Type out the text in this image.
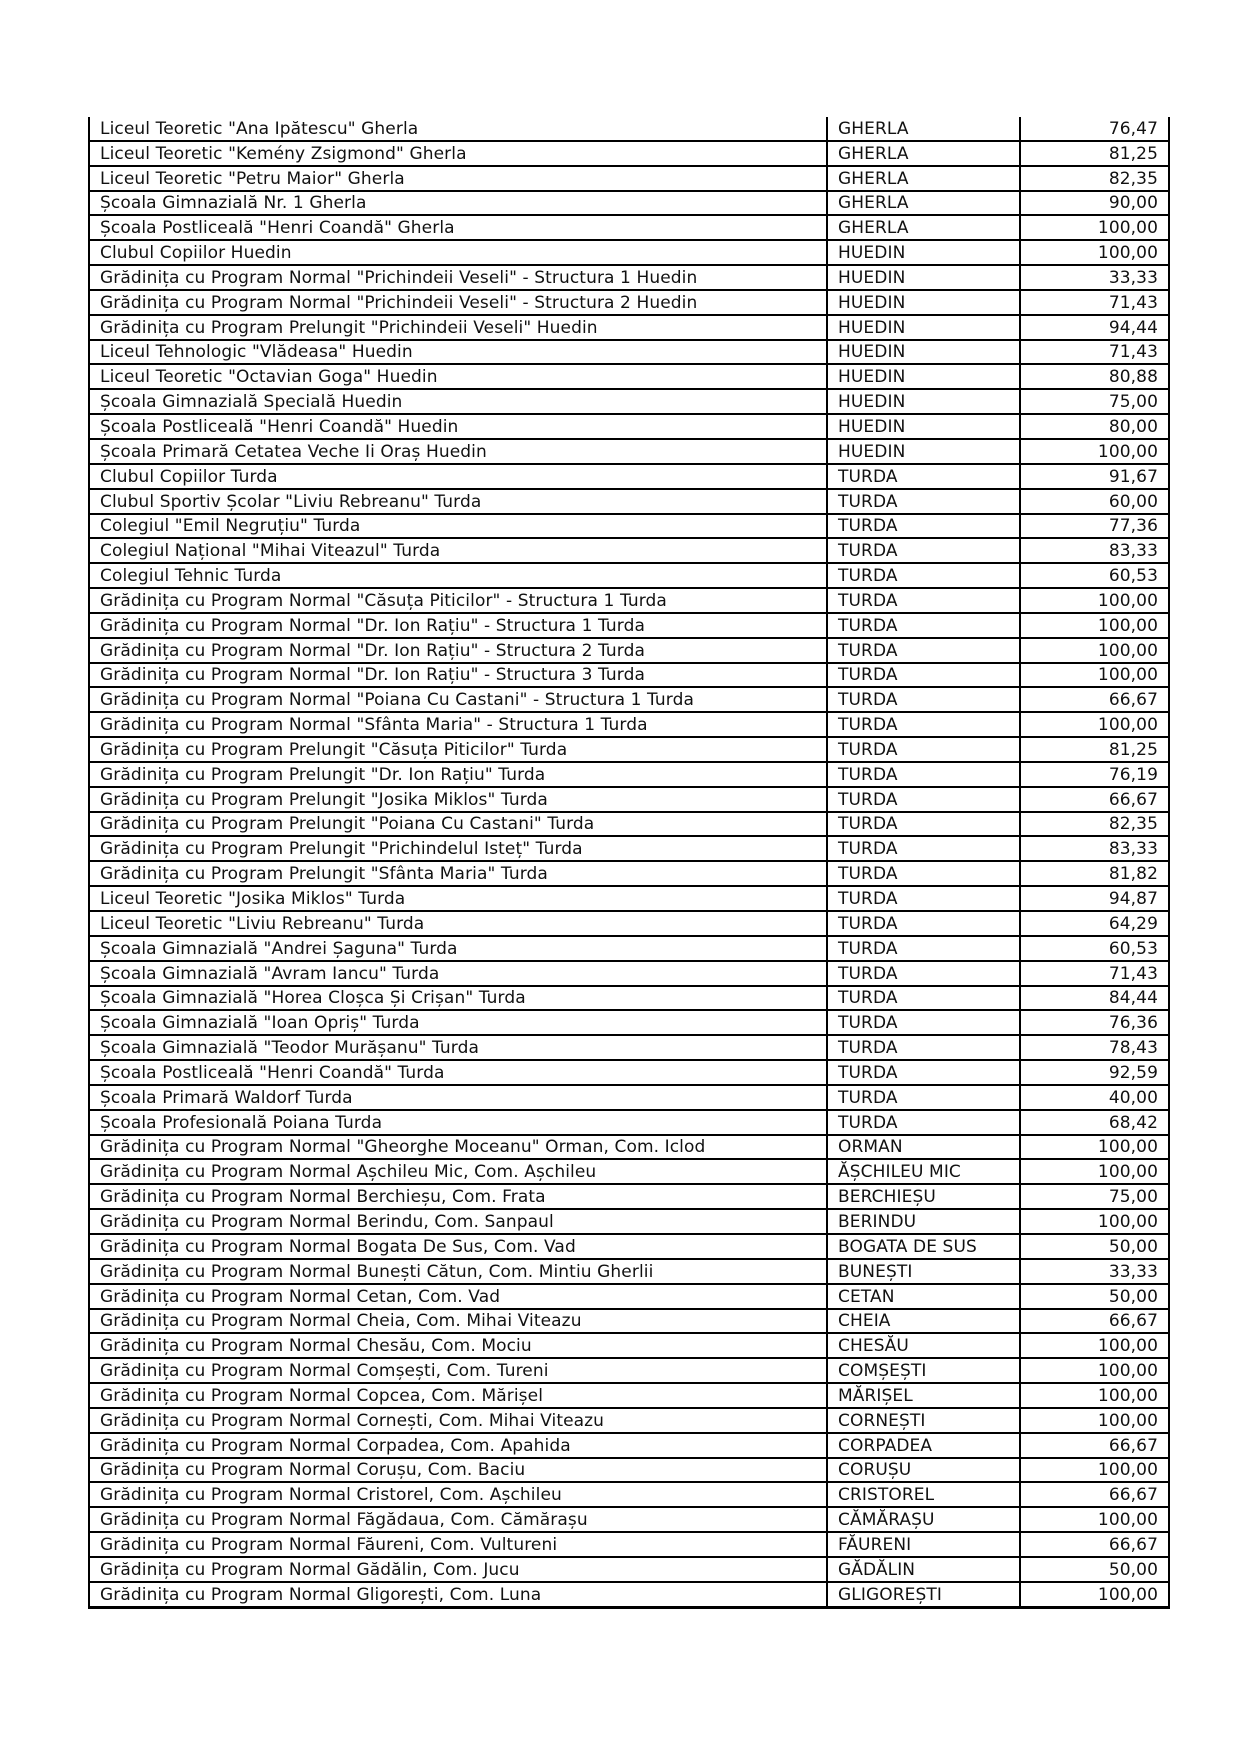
Liceul Teoretic "Ana Ipătescu" Gherla	GHERLA	76,47
Liceul Teoretic "Kemény Zsigmond" Gherla	GHERLA	81,25
Liceul Teoretic "Petru Maior" Gherla	GHERLA	82,35
Școala Gimnazială Nr. 1 Gherla	GHERLA	90,00
Școala Postliceală "Henri Coandă" Gherla	GHERLA	100,00
Clubul Copiilor Huedin	HUEDIN	100,00
Grădinița cu Program Normal "Prichindeii Veseli" - Structura 1 Huedin	HUEDIN	33,33
Grădinița cu Program Normal "Prichindeii Veseli" - Structura 2 Huedin	HUEDIN	71,43
Grădinița cu Program Prelungit "Prichindeii Veseli" Huedin	HUEDIN	94,44
Liceul Tehnologic "Vlădeasa" Huedin	HUEDIN	71,43
Liceul Teoretic "Octavian Goga" Huedin	HUEDIN	80,88
Școala Gimnazială Specială Huedin	HUEDIN	75,00
Școala Postliceală "Henri Coandă" Huedin	HUEDIN	80,00
Școala Primară Cetatea Veche Ii Oraș Huedin	HUEDIN	100,00
Clubul Copiilor Turda	TURDA	91,67
Clubul Sportiv Școlar "Liviu Rebreanu" Turda	TURDA	60,00
Colegiul "Emil Negruțiu" Turda	TURDA	77,36
Colegiul Național "Mihai Viteazul" Turda	TURDA	83,33
Colegiul Tehnic Turda	TURDA	60,53
Grădinița cu Program Normal "Căsuța Piticilor" - Structura 1 Turda	TURDA	100,00
Grădinița cu Program Normal "Dr. Ion Rațiu" - Structura 1 Turda	TURDA	100,00
Grădinița cu Program Normal "Dr. Ion Rațiu" - Structura 2 Turda	TURDA	100,00
Grădinița cu Program Normal "Dr. Ion Rațiu" - Structura 3 Turda	TURDA	100,00
Grădinița cu Program Normal "Poiana Cu Castani" - Structura 1 Turda	TURDA	66,67
Grădinița cu Program Normal "Sfânta Maria" - Structura 1 Turda	TURDA	100,00
Grădinița cu Program Prelungit "Căsuța Piticilor" Turda	TURDA	81,25
Grădinița cu Program Prelungit "Dr. Ion Rațiu" Turda	TURDA	76,19
Grădinița cu Program Prelungit "Josika Miklos" Turda	TURDA	66,67
Grădinița cu Program Prelungit "Poiana Cu Castani" Turda	TURDA	82,35
Grădinița cu Program Prelungit "Prichindelul Isteț" Turda	TURDA	83,33
Grădinița cu Program Prelungit "Sfânta Maria" Turda	TURDA	81,82
Liceul Teoretic "Josika Miklos" Turda	TURDA	94,87
Liceul Teoretic "Liviu Rebreanu" Turda	TURDA	64,29
Școala Gimnazială "Andrei Șaguna" Turda	TURDA	60,53
Școala Gimnazială "Avram Iancu" Turda	TURDA	71,43
Școala Gimnazială "Horea Cloșca Și Crișan" Turda	TURDA	84,44
Școala Gimnazială "Ioan Opriș" Turda	TURDA	76,36
Școala Gimnazială "Teodor Murășanu" Turda	TURDA	78,43
Școala Postliceală "Henri Coandă" Turda	TURDA	92,59
Școala Primară Waldorf Turda	TURDA	40,00
Școala Profesională Poiana Turda	TURDA	68,42
Grădinița cu Program Normal "Gheorghe Moceanu" Orman, Com. Iclod	ORMAN	100,00
Grădinița cu Program Normal Așchileu Mic, Com. Așchileu	ĂȘCHILEU MIC	100,00
Grădinița cu Program Normal Berchieșu, Com. Frata	BERCHIEȘU	75,00
Grădinița cu Program Normal Berindu, Com. Sanpaul	BERINDU	100,00
Grădinița cu Program Normal Bogata De Sus, Com. Vad	BOGATA DE SUS	50,00
Grădinița cu Program Normal Bunești Cătun, Com. Mintiu Gherlii	BUNEȘTI	33,33
Grădinița cu Program Normal Cetan, Com. Vad	CETAN	50,00
Grădinița cu Program Normal Cheia, Com. Mihai Viteazu	CHEIA	66,67
Grădinița cu Program Normal Chesău, Com. Mociu	CHESĂU	100,00
Grădinița cu Program Normal Comșești, Com. Tureni	COMȘEȘTI	100,00
Grădinița cu Program Normal Copcea, Com. Mărișel	MĂRIȘEL	100,00
Grădinița cu Program Normal Cornești, Com. Mihai Viteazu	CORNEȘTI	100,00
Grădinița cu Program Normal Corpadea, Com. Apahida	CORPADEA	66,67
Grădinița cu Program Normal Corușu, Com. Baciu	CORUȘU	100,00
Grădinița cu Program Normal Cristorel, Com. Așchileu	CRISTOREL	66,67
Grădinița cu Program Normal Făgădaua, Com. Cămărașu	CĂMĂRAȘU	100,00
Grădinița cu Program Normal Făureni, Com. Vultureni	FĂURENI	66,67
Grădinița cu Program Normal Gădălin, Com. Jucu	GĂDĂLIN	50,00
Grădinița cu Program Normal Gligorești, Com. Luna	GLIGOREȘTI	100,00
